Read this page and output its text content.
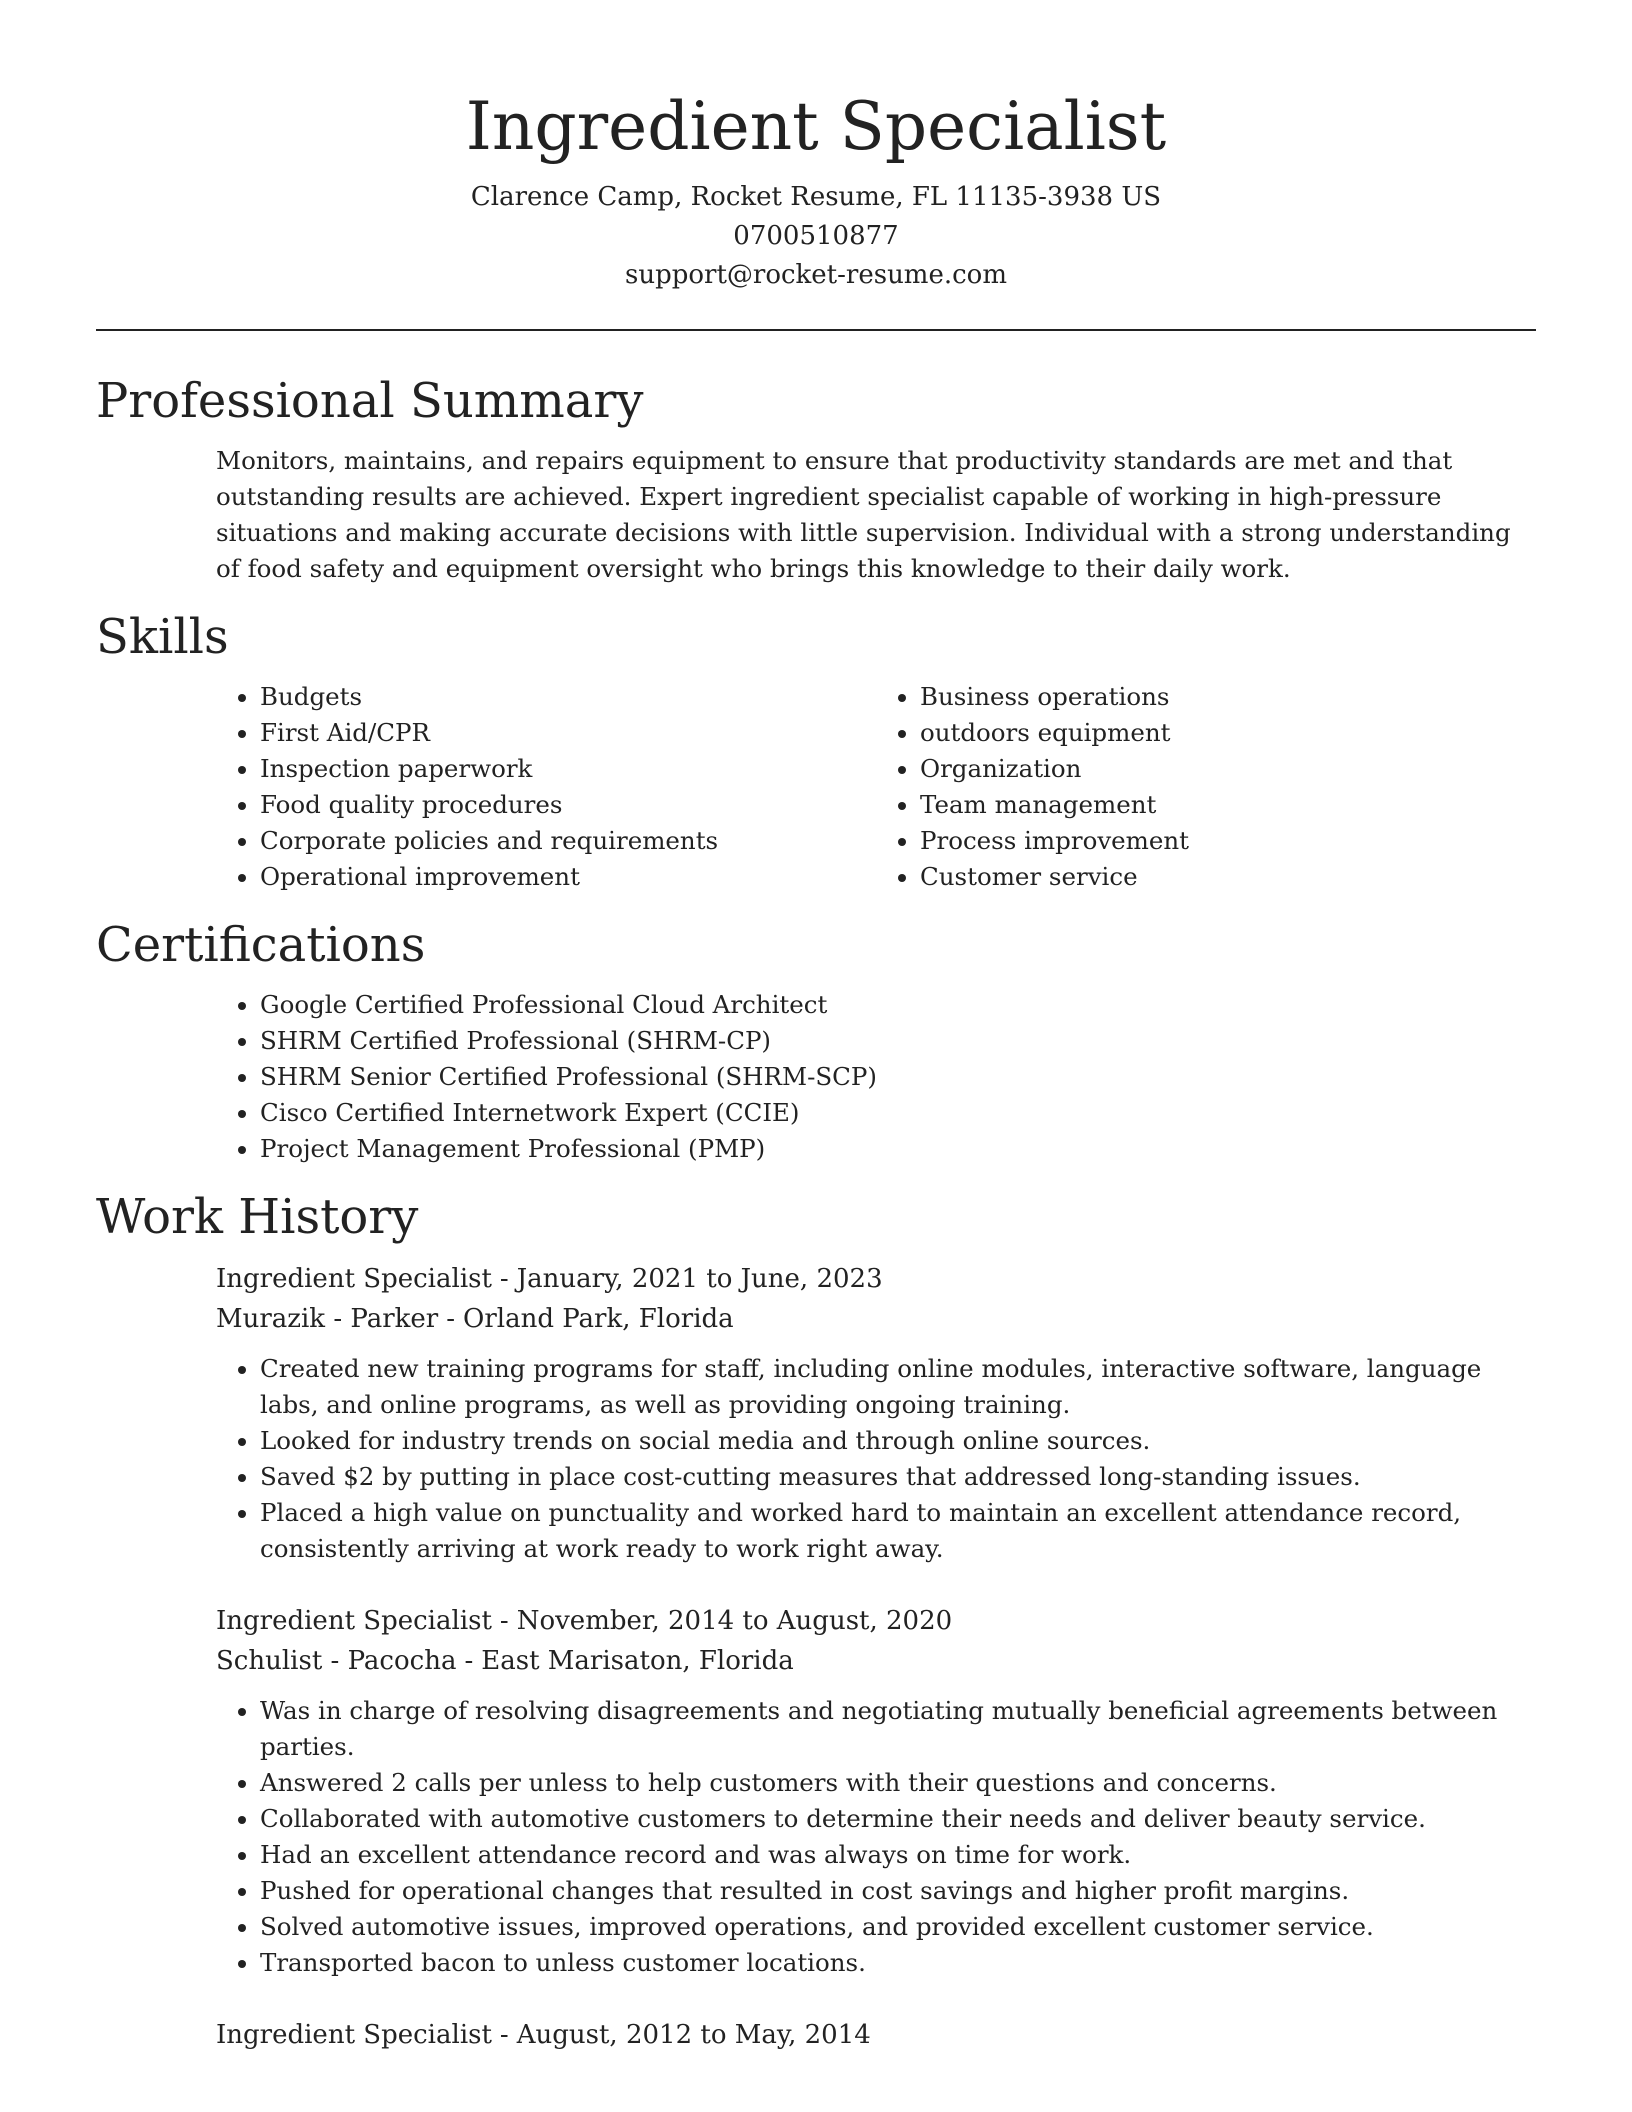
Ingredient Specialist
Clarence Camp, Rocket Resume, FL 11135-3938 US
0700510877
support@rocket-resume.com
Professional Summary

Monitors, maintains, and repairs equipment to ensure that productivity standards are met and that outstanding results are achieved. Expert ingredient specialist capable of working in high-pressure situations and making accurate decisions with little supervision. Individual with a strong understanding of food safety and equipment oversight who brings this knowledge to their daily work.

Skills
• Budgets
• First Aid/CPR
• Inspection paperwork
• Food quality procedures
• Corporate policies and requirements
• Operational improvement
• Business operations
• outdoors equipment
• Organization
• Team management
• Process improvement
• Customer service
Certifications
• Google Certified Professional Cloud Architect
• SHRM Certified Professional (SHRM-CP)
• SHRM Senior Certified Professional (SHRM-SCP)
• Cisco Certified Internetwork Expert (CCIE)
• Project Management Professional (PMP)
Work History
Ingredient Specialist - January, 2021 to June, 2023
Murazik - Parker - Orland Park, Florida
• Created new training programs for staff, including online modules, interactive software, language labs, and online programs, as well as providing ongoing training.
• Looked for industry trends on social media and through online sources.
• Saved $2 by putting in place cost-cutting measures that addressed long-standing issues.
• Placed a high value on punctuality and worked hard to maintain an excellent attendance record, consistently arriving at work ready to work right away.
Ingredient Specialist - November, 2014 to August, 2020
Schulist - Pacocha - East Marisaton, Florida
• Was in charge of resolving disagreements and negotiating mutually beneficial agreements between parties.
• Answered 2 calls per unless to help customers with their questions and concerns.
• Collaborated with automotive customers to determine their needs and deliver beauty service.
• Had an excellent attendance record and was always on time for work.
• Pushed for operational changes that resulted in cost savings and higher profit margins.
• Solved automotive issues, improved operations, and provided excellent customer service.
• Transported bacon to unless customer locations.
Ingredient Specialist - August, 2012 to May, 2014
